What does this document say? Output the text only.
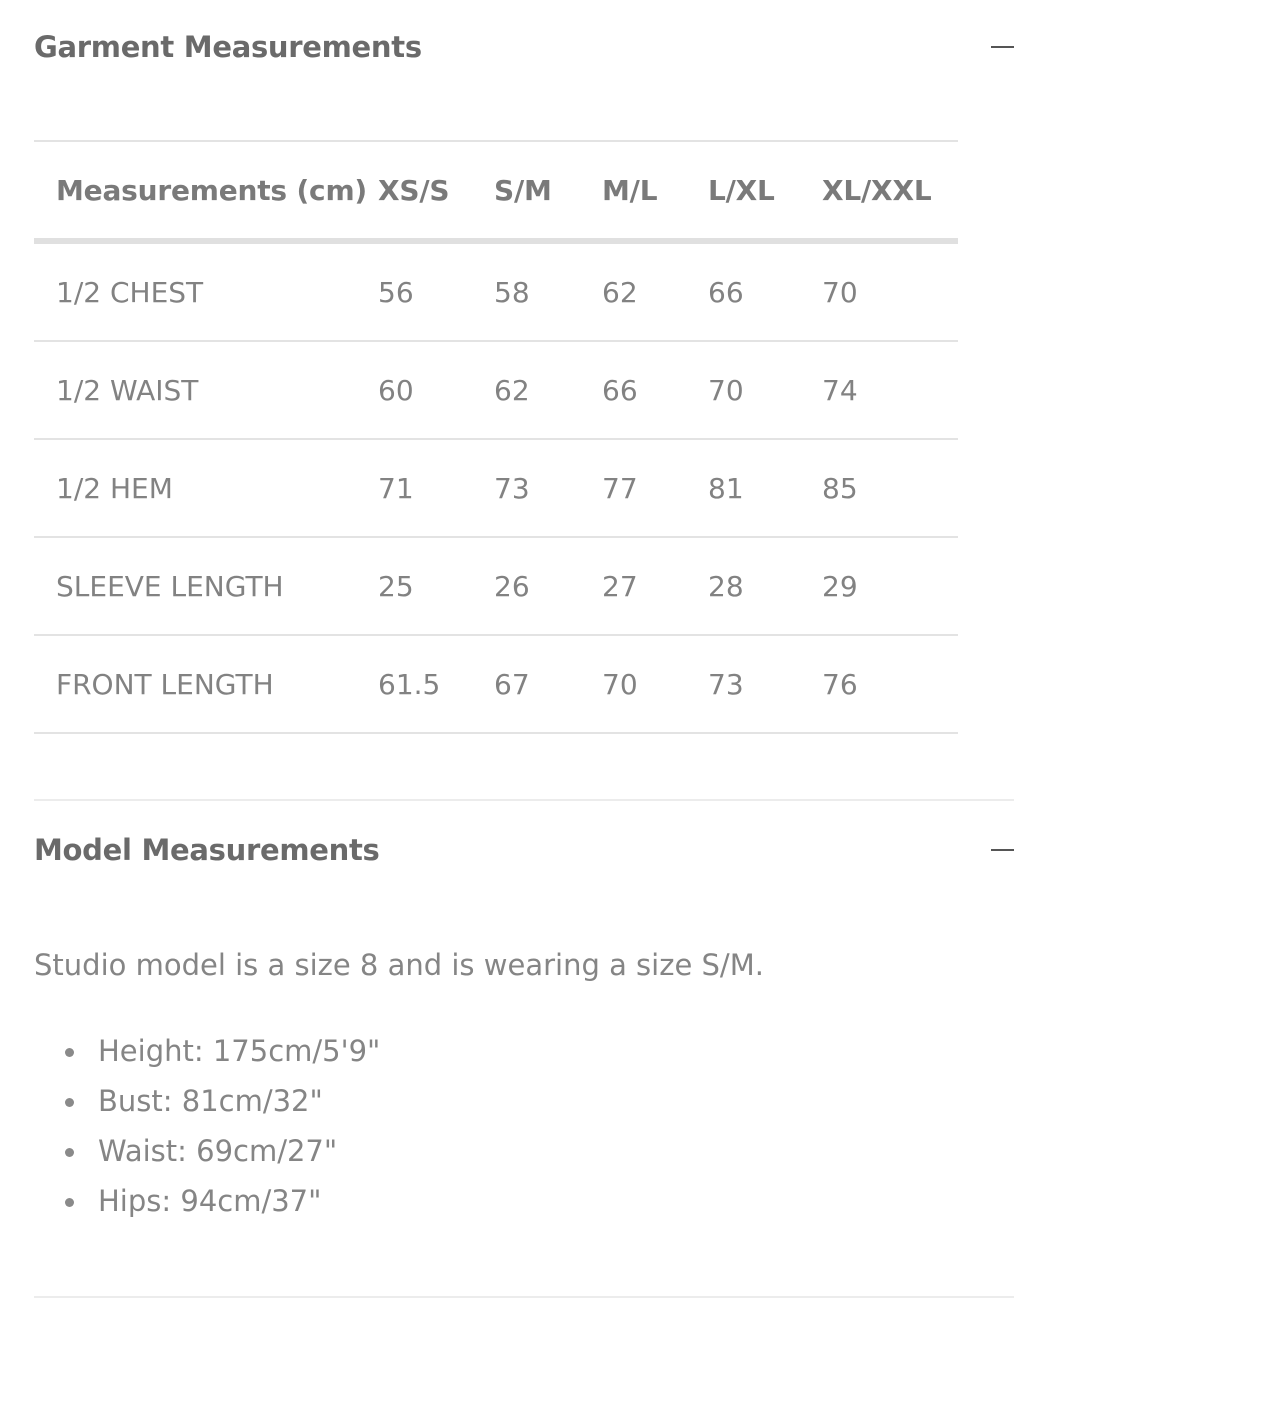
Garment Measurements
Measurements (cm)	XS/S	S/M	M/L	L/XL	XL/XXL
1/2 CHEST	56	58	62	66	70
1/2 WAIST	60	62	66	70	74
1/2 HEM	71	73	77	81	85
SLEEVE LENGTH	25	26	27	28	29
FRONT LENGTH	61.5	67	70	73	76
Model Measurements

Studio model is a size 8 and is wearing a size S/M.

Height: 175cm/5'9"
Bust: 81cm/32"
Waist: 69cm/27"
Hips: 94cm/37"
